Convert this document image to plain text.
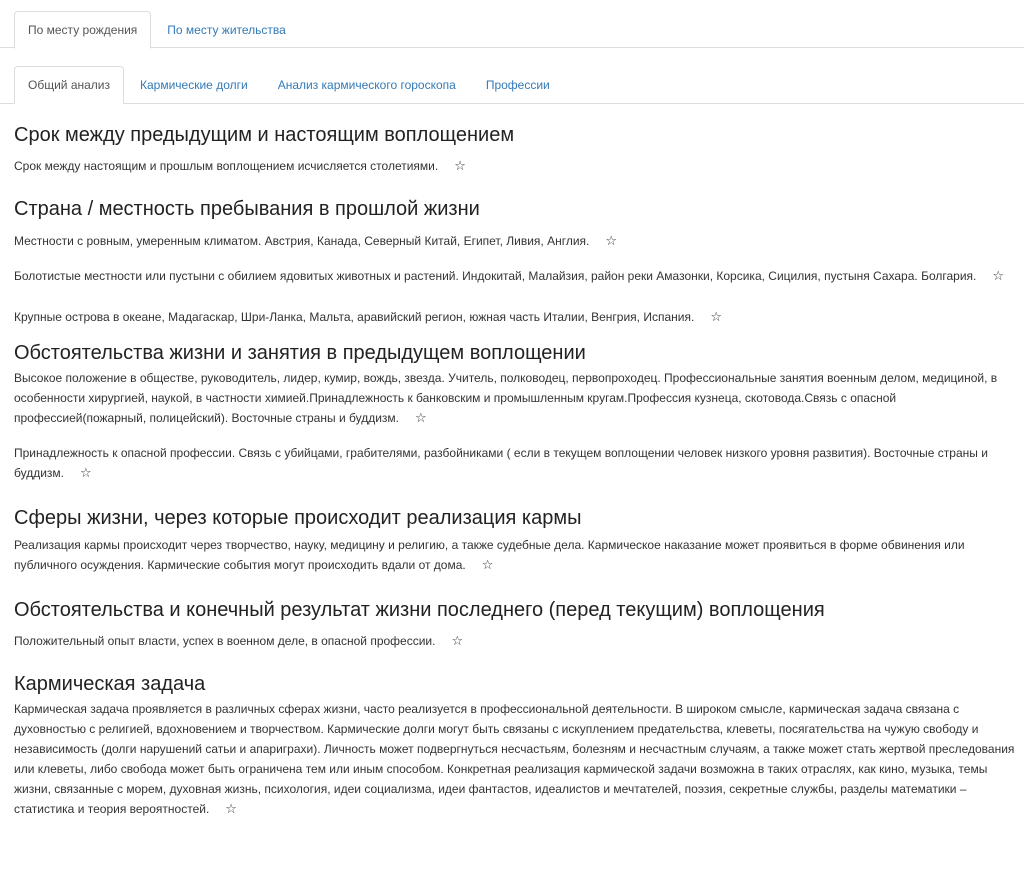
По месту рождения	По месту жительства
Общий анализ	Кармические долги	Анализ кармического гороскопа	Профессии
Срок между предыдущим и настоящим воплощением

Срок между настоящим и прошлым воплощением исчисляется столетиями. ☆

Страна / местность пребывания в прошлой жизни

Местности с ровным, умеренным климатом. Австрия, Канада, Северный Китай, Египет, Ливия, Англия. ☆

Болотистые местности или пустыни с обилием ядовитых животных и растений. Индокитай, Малайзия, район реки Амазонки, Корсика, Сицилия, пустыня Сахара. Болгария. ☆

Крупные острова в океане, Мадагаскар, Шри-Ланка, Мальта, аравийский регион, южная часть Италии, Венгрия, Испания. ☆

Обстоятельства жизни и занятия в предыдущем воплощении

Высокое положение в обществе, руководитель, лидер, кумир, вождь, звезда. Учитель, полководец, первопроходец. Профессиональные занятия военным делом, медициной, в особенности хирургией, наукой, в частности химией.Принадлежность к банковским и промышленным кругам.Профессия кузнеца, скотовода.Связь с опасной профессией(пожарный, полицейский). Восточные страны и буддизм. ☆

Принадлежность к опасной профессии. Связь с убийцами, грабителями, разбойниками ( если в текущем воплощении человек низкого уровня развития). Восточные страны и буддизм. ☆

Сферы жизни, через которые происходит реализация кармы

Реализация кармы происходит через творчество, науку, медицину и религию, а также судебные дела. Кармическое наказание может проявиться в форме обвинения или публичного осуждения. Кармические события могут происходить вдали от дома. ☆

Обстоятельства и конечный результат жизни последнего (перед текущим) воплощения

Положительный опыт власти, успех в военном деле, в опасной профессии. ☆

Кармическая задача

Кармическая задача проявляется в различных сферах жизни, часто реализуется в профессиональной деятельности. В широком смысле, кармическая задача связана с духовностью с религией, вдохновением и творчеством. Кармические долги могут быть связаны с искуплением предательства, клеветы, посягательства на чужую свободу и независимость (долги нарушений сатьи и апариграхи). Личность может подвергнуться несчастьям, болезням и несчастным случаям, а также может стать жертвой преследования или клеветы, либо свобода может быть ограничена тем или иным способом. Конкретная реализация кармической задачи возможна в таких отраслях, как кино, музыка, темы жизни, связанные с морем, духовная жизнь, психология, идеи социализма, идеи фантастов, идеалистов и мечтателей, поэзия, секретные службы, разделы математики – статистика и теория вероятностей. ☆
